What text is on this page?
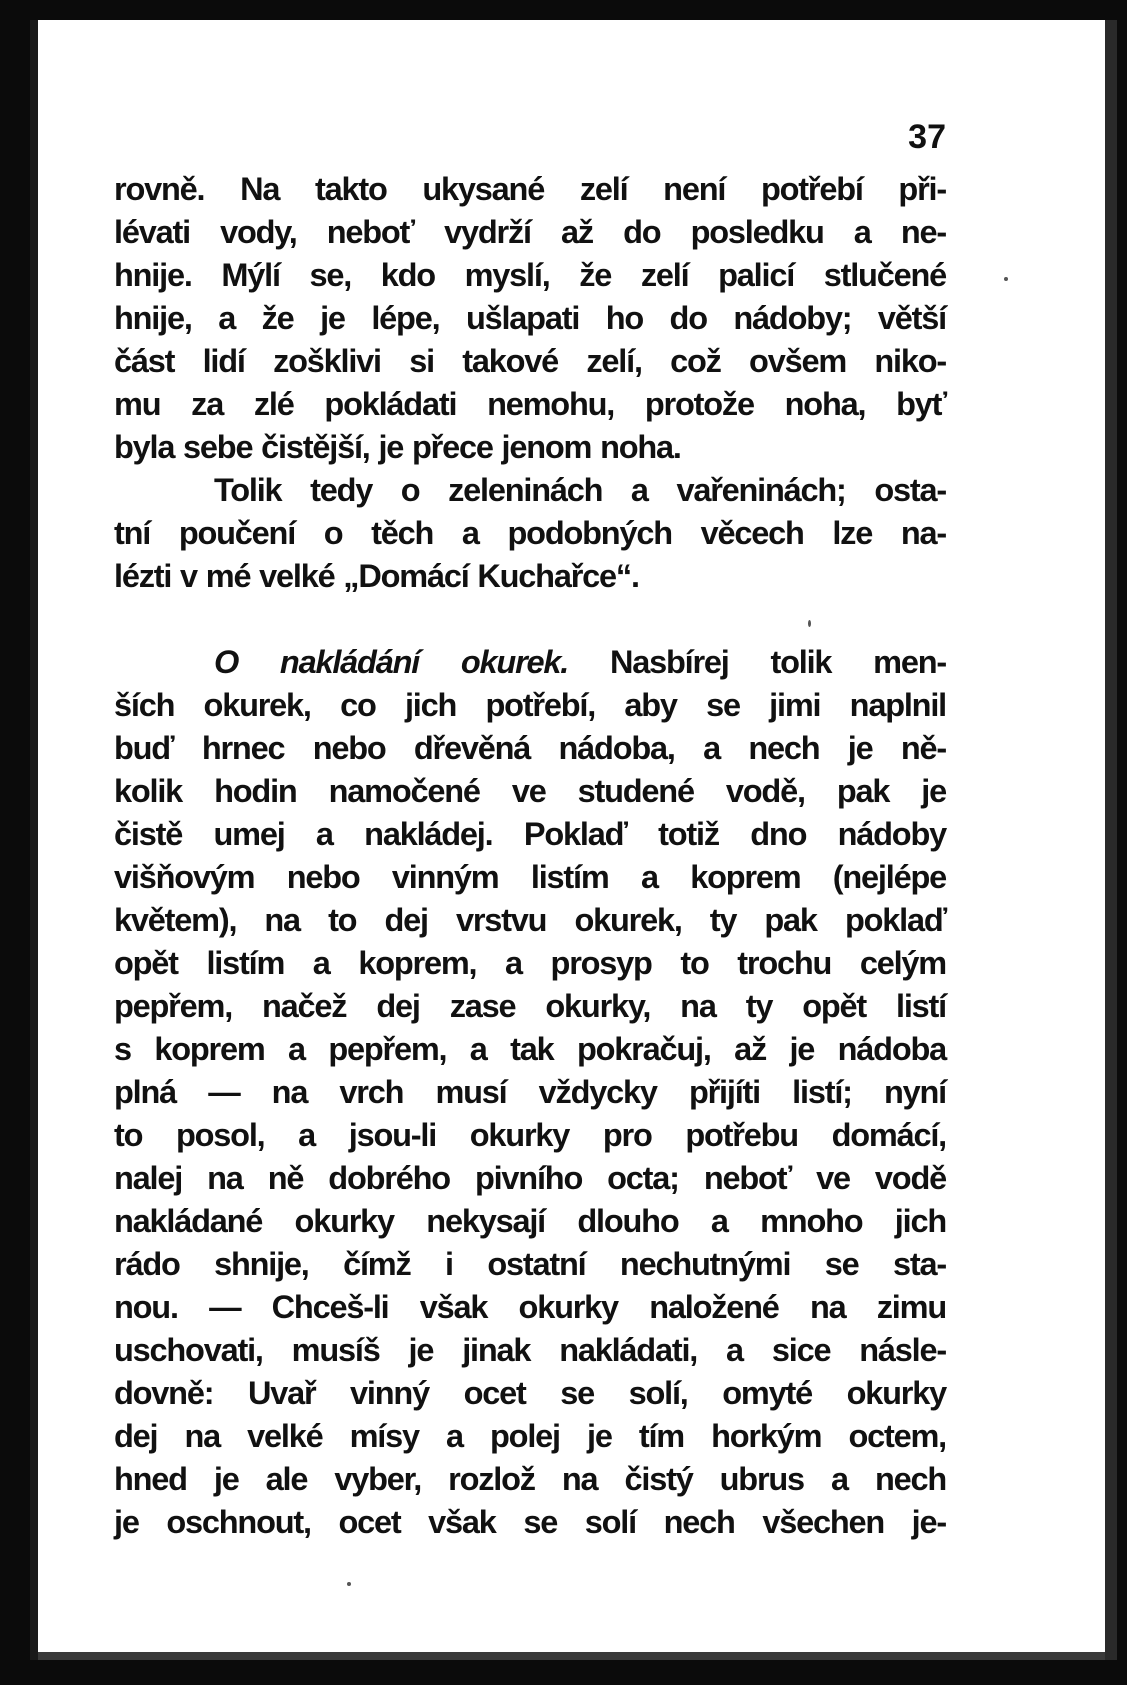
37
rovně. Na takto ukysané zelí není potřebí při-
lévati vody, neboť vydrží až do posledku a ne-
hnije. Mýlí se, kdo myslí, že zelí palicí stlučené
hnije, a že je lépe, ušlapati ho do nádoby; větší
část lidí zošklivi si takové zelí, což ovšem niko-
mu za zlé pokládati nemohu, protože noha, byť
byla sebe čistější, je přece jenom noha.
Tolik tedy o zeleninách a vařeninách; osta-
tní poučení o těch a podobných věcech lze na-
lézti v mé velké „Domácí Kuchařce“.
O nakládání okurek. Nasbírej tolik men-
ších okurek, co jich potřebí, aby se jimi naplnil
buď hrnec nebo dřevěná nádoba, a nech je ně-
kolik hodin namočené ve studené vodě, pak je
čistě umej a nakládej. Poklaď totiž dno nádoby
višňovým nebo vinným listím a koprem (nejlépe
květem), na to dej vrstvu okurek, ty pak poklaď
opět listím a koprem, a prosyp to trochu celým
pepřem, načež dej zase okurky, na ty opět listí
s koprem a pepřem, a tak pokračuj, až je nádoba
plná — na vrch musí vždycky přijíti listí; nyní
to posol, a jsou-li okurky pro potřebu domácí,
nalej na ně dobrého pivního octa; neboť ve vodě
nakládané okurky nekysají dlouho a mnoho jich
rádo shnije, čímž i ostatní nechutnými se sta-
nou. — Chceš-li však okurky naložené na zimu
uschovati, musíš je jinak nakládati, a sice násle-
dovně: Uvař vinný ocet se solí, omyté okurky
dej na velké mísy a polej je tím horkým octem,
hned je ale vyber, rozlož na čistý ubrus a nech
je oschnout, ocet však se solí nech všechen je-
